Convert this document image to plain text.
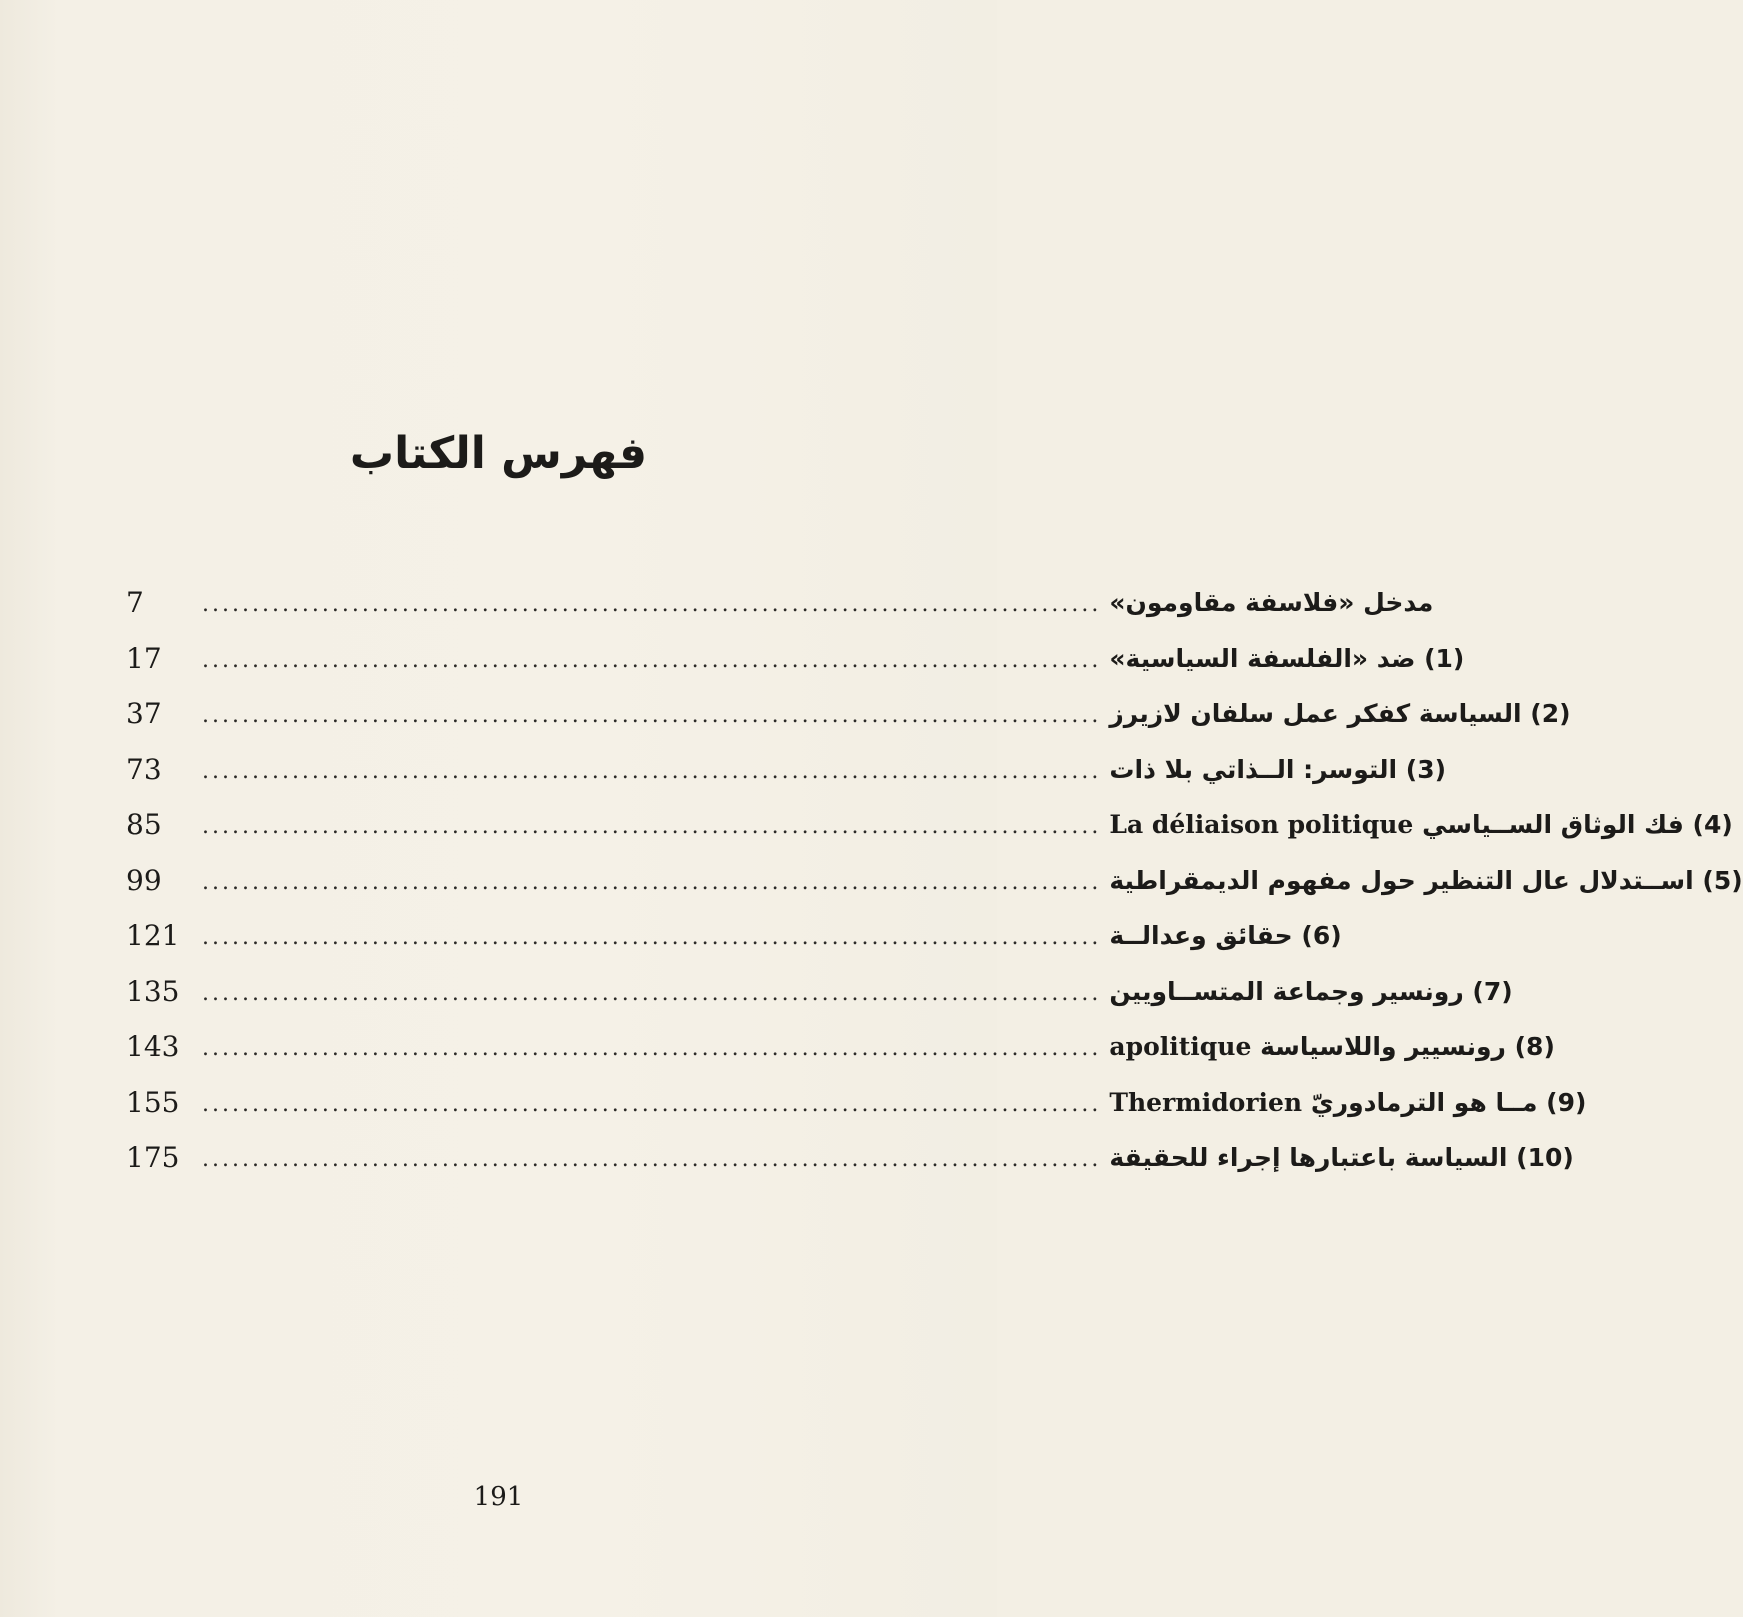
فهرس الكتاب
7	مدخل «فلاسفة مقاومون»
..........................................................................................
17	(1) ضد «الفلسفة السياسية»
..........................................................................................
37	(2) السياسة كفكر عمل سلفان لازيرز
..........................................................................................
73	(3) التوسر: الــذاتي بلا ذات
..........................................................................................
85	(4) فك الوثاق الســياسي La déliaison politique
..........................................................................................
99	(5) اســتدلال عال التنظير حول مفهوم الديمقراطية
..........................................................................................
121	(6) حقائق وعدالــة
..........................................................................................
135	(7) رونسير وجماعة المتســاويين
..........................................................................................
143	(8) رونسيير واللاسياسة apolitique
..........................................................................................
155	(9) مــا هو الترمادوريّ Thermidorien
..........................................................................................
175	(10) السياسة باعتبارها إجراء للحقيقة
..........................................................................................
191
